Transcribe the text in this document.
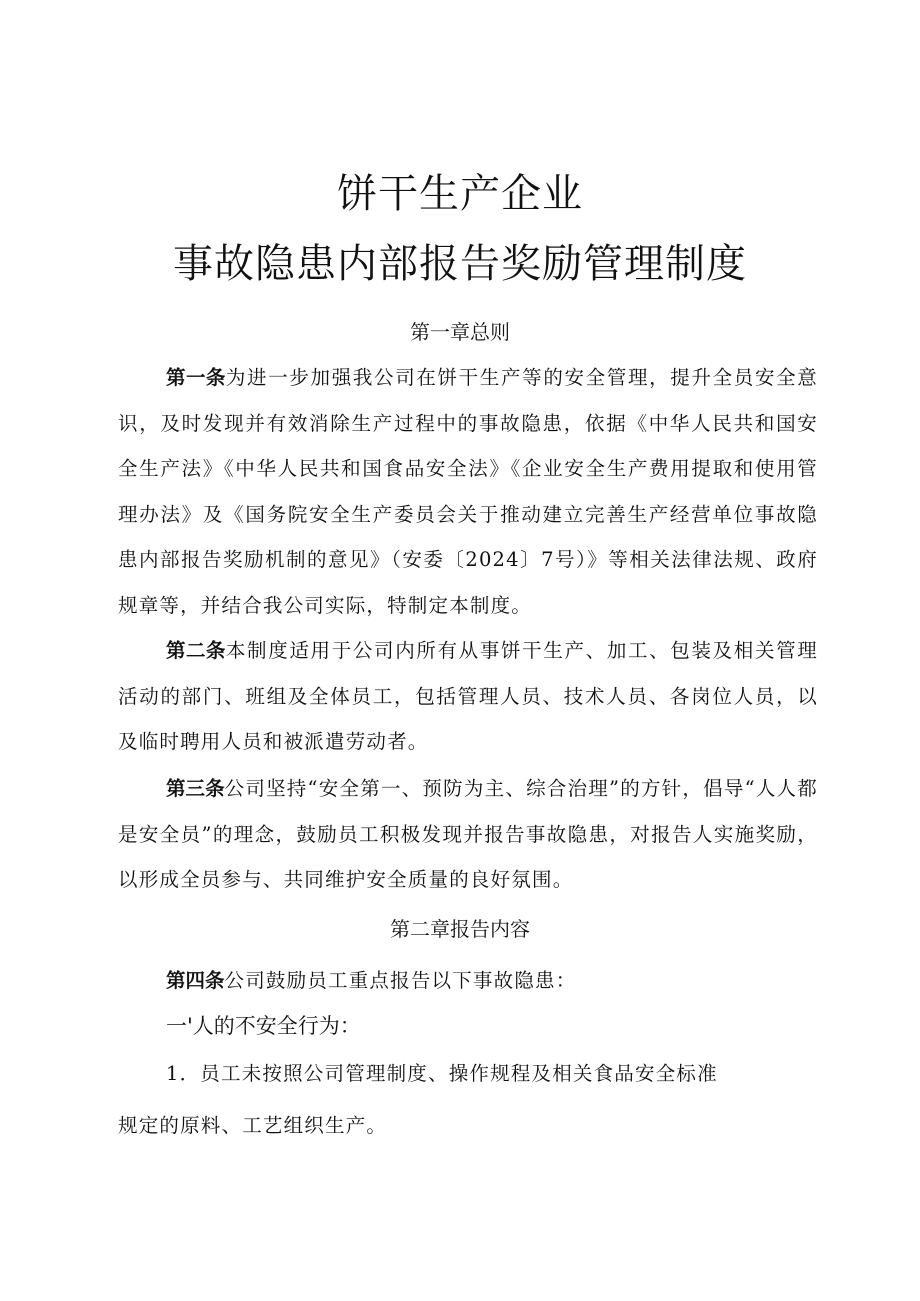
饼干生产企业
事故隐患内部报告奖励管理制度
第一章总则

第一条为进一步加强我公司在饼干生产等的安全管理，提升全员安全意识，及时发现并有效消除生产过程中的事故隐患，依据《中华人民共和国安全生产法》《中华人民共和国食品安全法》《企业安全生产费用提取和使用管理办法》及《国务院安全生产委员会关于推动建立完善生产经营单位事故隐患内部报告奖励机制的意见》（安委〔2024〕7号）》等相关法律法规、政府规章等，并结合我公司实际，特制定本制度。

第二条本制度适用于公司内所有从事饼干生产、加工、包装及相关管理活动的部门、班组及全体员工，包括管理人员、技术人员、各岗位人员，以及临时聘用人员和被派遣劳动者。

第三条公司坚持“安全第一、预防为主、综合治理”的方针，倡导“人人都是安全员”的理念，鼓励员工积极发现并报告事故隐患，对报告人实施奖励，以形成全员参与、共同维护安全质量的良好氛围。

第二章报告内容

第四条公司鼓励员工重点报告以下事故隐患：

一'人的不安全行为：
1．员工未按照公司管理制度、操作规程及相关食品安全标准
规定的原料、工艺组织生产。
